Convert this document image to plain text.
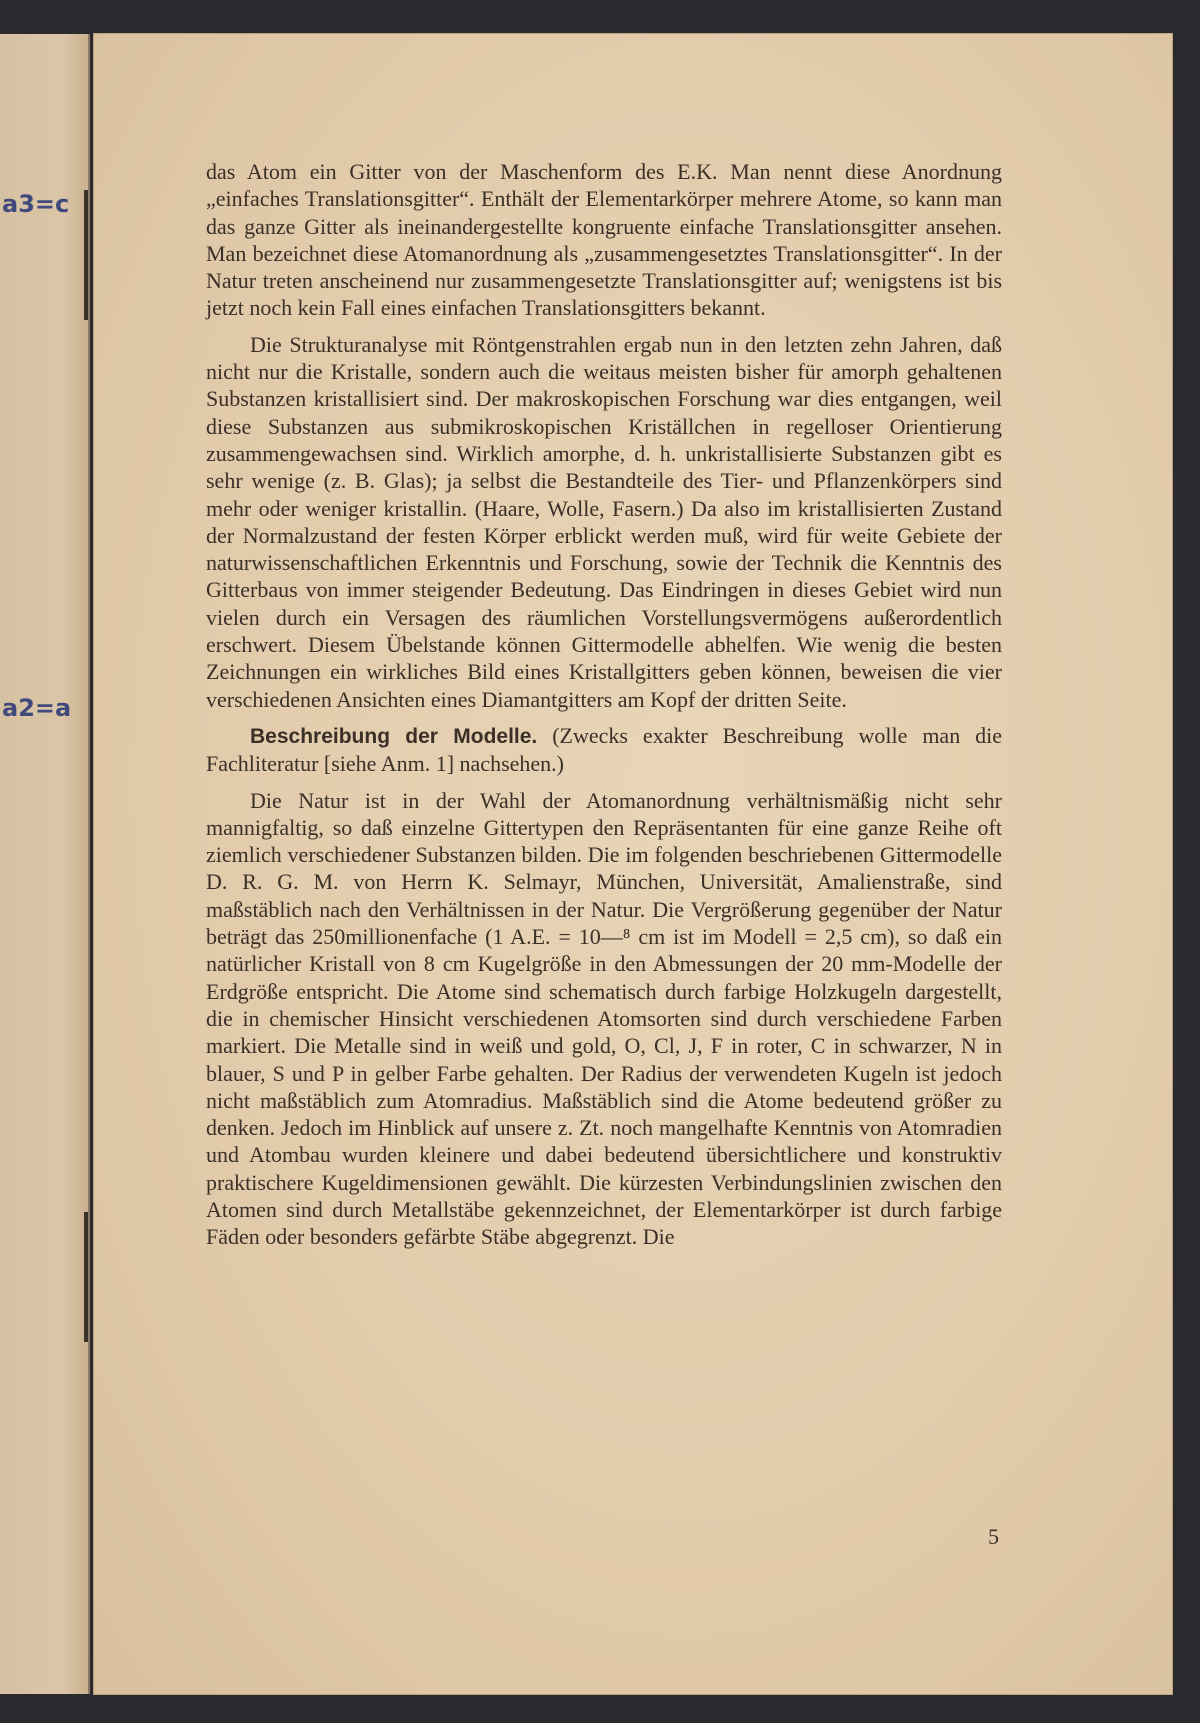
a3=c
a2=a

das Atom ein Gitter von der Maschenform des E.K. Man nennt diese Anordnung „einfaches Translationsgitter“. Enthält der Elementarkörper mehrere Atome, so kann man das ganze Gitter als ineinandergestellte kongruente einfache Translationsgitter ansehen. Man bezeichnet diese Atomanordnung als „zusammengesetztes Translationsgitter“. In der Natur treten anscheinend nur zusammengesetzte Translationsgitter auf; wenigstens ist bis jetzt noch kein Fall eines einfachen Translationsgitters bekannt.

Die Strukturanalyse mit Röntgenstrahlen ergab nun in den letzten zehn Jahren, daß nicht nur die Kristalle, sondern auch die weitaus meisten bisher für amorph gehaltenen Substanzen kristallisiert sind. Der makroskopischen Forschung war dies entgangen, weil diese Substanzen aus submikroskopischen Kriställchen in regelloser Orientierung zusammengewachsen sind. Wirklich amorphe, d. h. unkristallisierte Substanzen gibt es sehr wenige (z. B. Glas); ja selbst die Bestandteile des Tier- und Pflanzenkörpers sind mehr oder weniger kristallin. (Haare, Wolle, Fasern.) Da also im kristallisierten Zustand der Normalzustand der festen Körper erblickt werden muß, wird für weite Gebiete der naturwissenschaftlichen Erkenntnis und Forschung, sowie der Technik die Kenntnis des Gitterbaus von immer steigender Bedeutung. Das Eindringen in dieses Gebiet wird nun vielen durch ein Versagen des räumlichen Vorstellungsvermögens außerordentlich erschwert. Diesem Übelstande können Gittermodelle abhelfen. Wie wenig die besten Zeichnungen ein wirkliches Bild eines Kristallgitters geben können, beweisen die vier verschiedenen Ansichten eines Diamantgitters am Kopf der dritten Seite.

Beschreibung der Modelle. (Zwecks exakter Beschreibung wolle man die Fachliteratur [siehe Anm. 1] nachsehen.)

Die Natur ist in der Wahl der Atomanordnung verhältnismäßig nicht sehr mannigfaltig, so daß einzelne Gittertypen den Repräsentanten für eine ganze Reihe oft ziemlich verschiedener Substanzen bilden. Die im folgenden beschriebenen Gittermodelle D. R. G. M. von Herrn K. Selmayr, München, Universität, Amalienstraße, sind maßstäblich nach den Verhältnissen in der Natur. Die Vergrößerung gegenüber der Natur beträgt das 250millionenfache (1 A.E. = 10—⁸ cm ist im Modell = 2,5 cm), so daß ein natürlicher Kristall von 8 cm Kugelgröße in den Abmessungen der 20 mm-Modelle der Erdgröße entspricht. Die Atome sind schematisch durch farbige Holzkugeln dargestellt, die in chemischer Hinsicht verschiedenen Atomsorten sind durch verschiedene Farben markiert. Die Metalle sind in weiß und gold, O, Cl, J, F in roter, C in schwarzer, N in blauer, S und P in gelber Farbe gehalten. Der Radius der verwendeten Kugeln ist jedoch nicht maßstäblich zum Atomradius. Maßstäblich sind die Atome bedeutend größer zu denken. Jedoch im Hinblick auf unsere z. Zt. noch mangelhafte Kenntnis von Atomradien und Atombau wurden kleinere und dabei bedeutend übersichtlichere und konstruktiv praktischere Kugeldimensionen gewählt. Die kürzesten Verbindungslinien zwischen den Atomen sind durch Metallstäbe gekennzeichnet, der Elementarkörper ist durch farbige Fäden oder besonders gefärbte Stäbe abgegrenzt. Die

5
